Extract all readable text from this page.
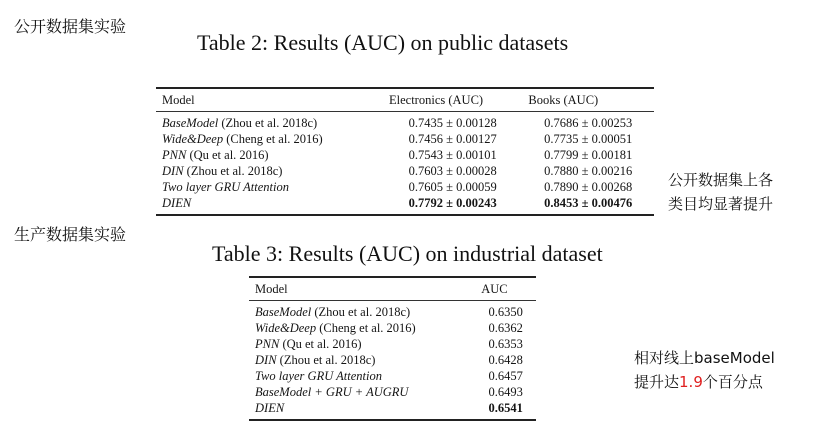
公开数据集实验
Table 2: Results (AUC) on public datasets
Model	Electronics (AUC)	Books (AUC)
BaseModel (Zhou et al. 2018c)	0.7435 ± 0.00128	0.7686 ± 0.00253
Wide&Deep (Cheng et al. 2016)	0.7456 ± 0.00127	0.7735 ± 0.00051
PNN (Qu et al. 2016)	0.7543 ± 0.00101	0.7799 ± 0.00181
DIN (Zhou et al. 2018c)	0.7603 ± 0.00028	0.7880 ± 0.00216
Two layer GRU Attention	0.7605 ± 0.00059	0.7890 ± 0.00268
DIEN	0.7792 ± 0.00243	0.8453 ± 0.00476
公开数据集上各
类目均显著提升
生产数据集实验
Table 3: Results (AUC) on industrial dataset
Model	AUC
BaseModel (Zhou et al. 2018c)	0.6350
Wide&Deep (Cheng et al. 2016)	0.6362
PNN (Qu et al. 2016)	0.6353
DIN (Zhou et al. 2018c)	0.6428
Two layer GRU Attention	0.6457
BaseModel + GRU + AUGRU	0.6493
DIEN	0.6541
相对线上baseModel
提升达1.9个百分点
